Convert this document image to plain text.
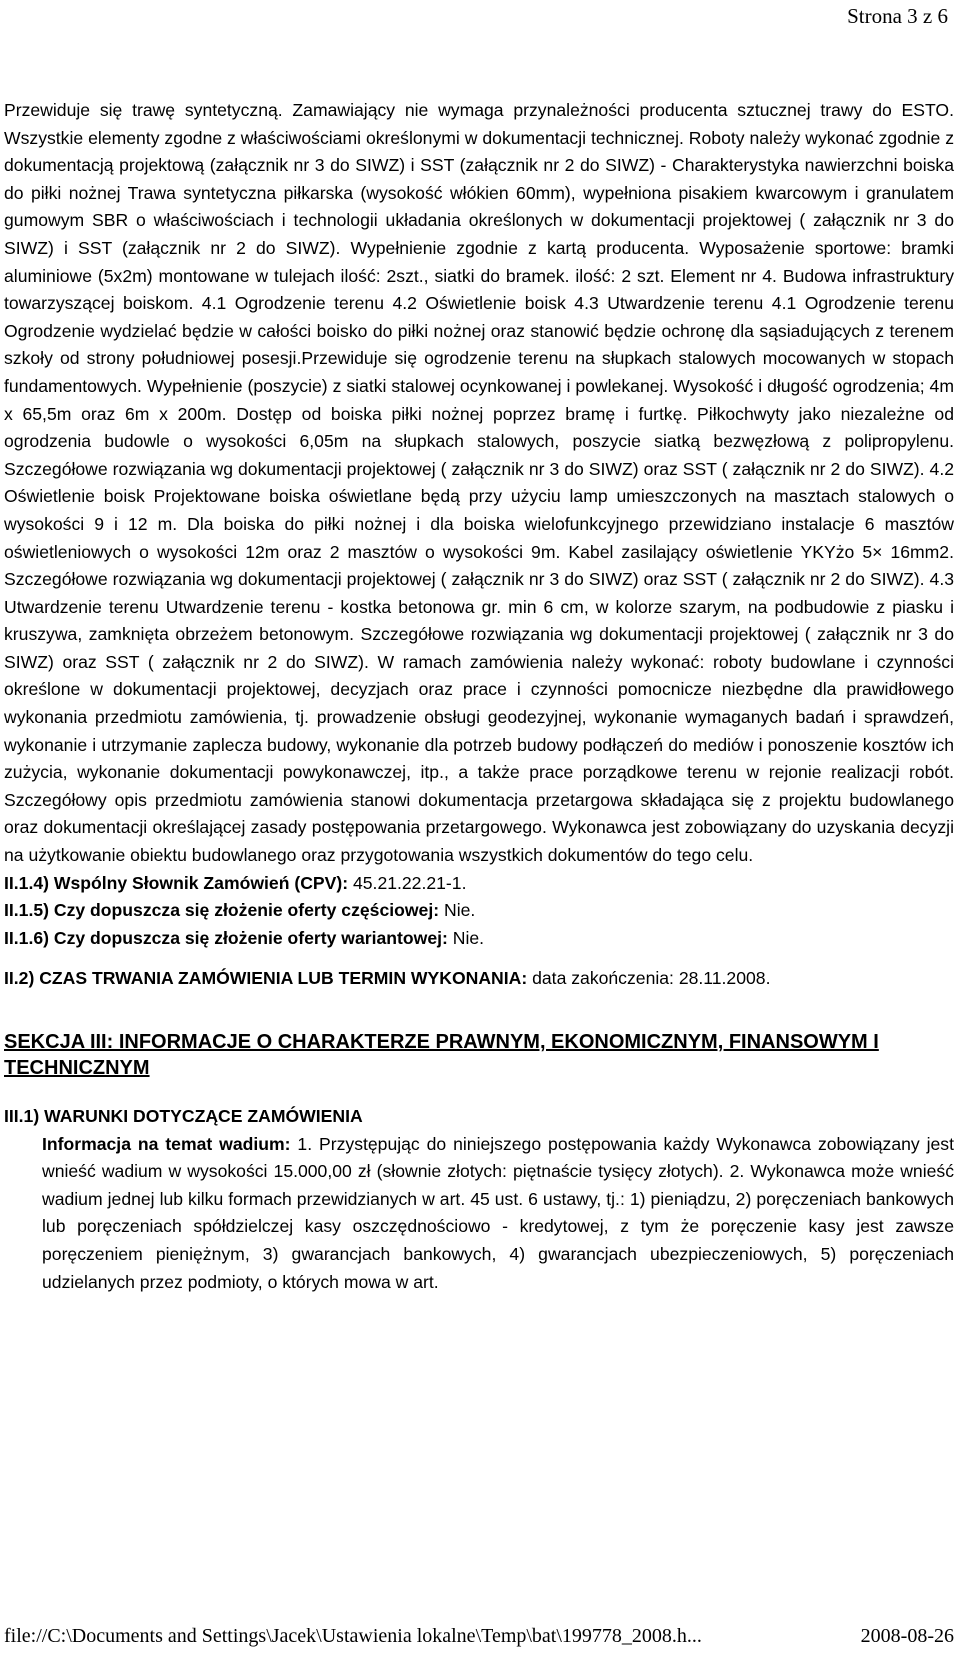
Strona 3 z 6

Przewiduje się trawę syntetyczną. Zamawiający nie wymaga przynależności producenta sztucznej trawy do ESTO. Wszystkie elementy zgodne z właściwościami określonymi w dokumentacji technicznej. Roboty należy wykonać zgodnie z dokumentacją projektową (załącznik nr 3 do SIWZ) i SST (załącznik nr 2 do SIWZ) - Charakterystyka nawierzchni boiska do piłki nożnej Trawa syntetyczna piłkarska (wysokość włókien 60mm), wypełniona pisakiem kwarcowym i granulatem gumowym SBR o właściwościach i technologii układania określonych w dokumentacji projektowej ( załącznik nr 3 do SIWZ) i SST (załącznik nr 2 do SIWZ). Wypełnienie zgodnie z kartą producenta. Wyposażenie sportowe: bramki aluminiowe (5x2m) montowane w tulejach ilość: 2szt., siatki do bramek. ilość: 2 szt. Element nr 4. Budowa infrastruktury towarzyszącej boiskom. 4.1 Ogrodzenie terenu 4.2 Oświetlenie boisk 4.3 Utwardzenie terenu 4.1 Ogrodzenie terenu Ogrodzenie wydzielać będzie w całości boisko do piłki nożnej oraz stanowić będzie ochronę dla sąsiadujących z terenem szkoły od strony południowej posesji.Przewiduje się ogrodzenie terenu na słupkach stalowych mocowanych w stopach fundamentowych. Wypełnienie (poszycie) z siatki stalowej ocynkowanej i powlekanej. Wysokość i długość ogrodzenia; 4m x 65,5m oraz 6m x 200m. Dostęp od boiska piłki nożnej poprzez bramę i furtkę. Piłkochwyty jako niezależne od ogrodzenia budowle o wysokości 6,05m na słupkach stalowych, poszycie siatką bezwęzłową z polipropylenu. Szczegółowe rozwiązania wg dokumentacji projektowej ( załącznik nr 3 do SIWZ) oraz SST ( załącznik nr 2 do SIWZ). 4.2 Oświetlenie boisk Projektowane boiska oświetlane będą przy użyciu lamp umieszczonych na masztach stalowych o wysokości 9 i 12 m. Dla boiska do piłki nożnej i dla boiska wielofunkcyjnego przewidziano instalacje 6 masztów oświetleniowych o wysokości 12m oraz 2 masztów o wysokości 9m. Kabel zasilający oświetlenie YKYżo 5× 16mm2. Szczegółowe rozwiązania wg dokumentacji projektowej ( załącznik nr 3 do SIWZ) oraz SST ( załącznik nr 2 do SIWZ). 4.3 Utwardzenie terenu Utwardzenie terenu - kostka betonowa gr. min 6 cm, w kolorze szarym, na podbudowie z piasku i kruszywa, zamknięta obrzeżem betonowym. Szczegółowe rozwiązania wg dokumentacji projektowej ( załącznik nr 3 do SIWZ) oraz SST ( załącznik nr 2 do SIWZ). W ramach zamówienia należy wykonać: roboty budowlane i czynności określone w dokumentacji projektowej, decyzjach oraz prace i czynności pomocnicze niezbędne dla prawidłowego wykonania przedmiotu zamówienia, tj. prowadzenie obsługi geodezyjnej, wykonanie wymaganych badań i sprawdzeń, wykonanie i utrzymanie zaplecza budowy, wykonanie dla potrzeb budowy podłączeń do mediów i ponoszenie kosztów ich zużycia, wykonanie dokumentacji powykonawczej, itp., a także prace porządkowe terenu w rejonie realizacji robót. Szczegółowy opis przedmiotu zamówienia stanowi dokumentacja przetargowa składająca się z projektu budowlanego oraz dokumentacji określającej zasady postępowania przetargowego. Wykonawca jest zobowiązany do uzyskania decyzji na użytkowanie obiektu budowlanego oraz przygotowania wszystkich dokumentów do tego celu.

II.1.4) Wspólny Słownik Zamówień (CPV): 45.21.22.21-1.

II.1.5) Czy dopuszcza się złożenie oferty częściowej: Nie.

II.1.6) Czy dopuszcza się złożenie oferty wariantowej: Nie.

II.2) CZAS TRWANIA ZAMÓWIENIA LUB TERMIN WYKONANIA: data zakończenia: 28.11.2008.

SEKCJA III: INFORMACJE O CHARAKTERZE PRAWNYM, EKONOMICZNYM, FINANSOWYM I TECHNICZNYM

III.1) WARUNKI DOTYCZĄCE ZAMÓWIENIA

Informacja na temat wadium: 1. Przystępując do niniejszego postępowania każdy Wykonawca zobowiązany jest wnieść wadium w wysokości 15.000,00 zł (słownie złotych: piętnaście tysięcy złotych). 2. Wykonawca może wnieść wadium jednej lub kilku formach przewidzianych w art. 45 ust. 6 ustawy, tj.: 1) pieniądzu, 2) poręczeniach bankowych lub poręczeniach spółdzielczej kasy oszczędnościowo - kredytowej, z tym że poręczenie kasy jest zawsze poręczeniem pieniężnym, 3) gwarancjach bankowych, 4) gwarancjach ubezpieczeniowych, 5) poręczeniach udzielanych przez podmioty, o których mowa w art.

file://C:\Documents and Settings\Jacek\Ustawienia lokalne\Temp\bat\199778_2008.h...	2008-08-26
